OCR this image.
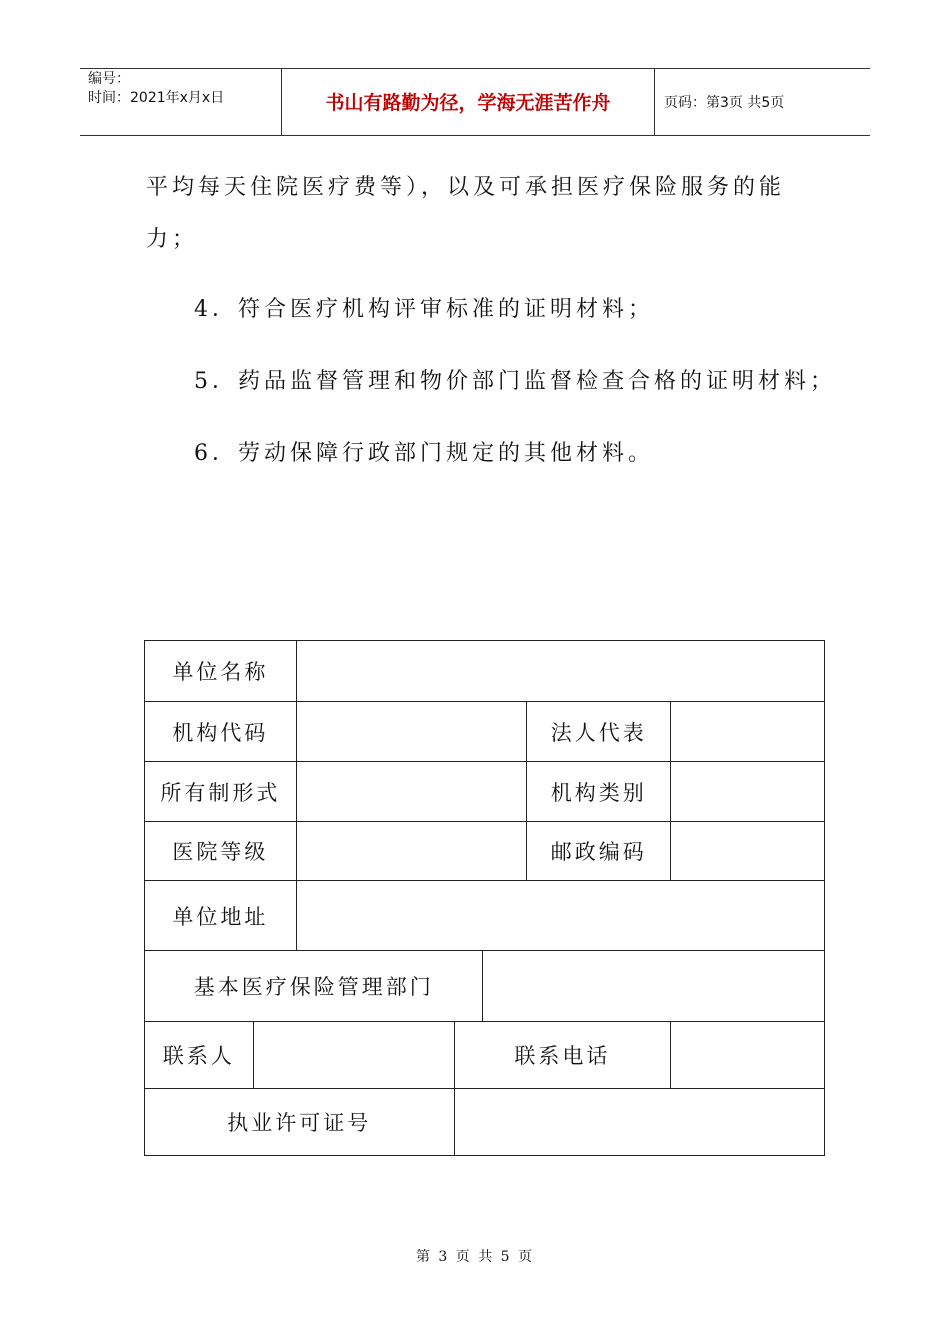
编号：
时间：2021年x月x日	书山有路勤为径，学海无涯苦作舟	页码：第3页 共5页
平均每天住院医疗费等），以及可承担医疗保险服务的能
力；
4．符合医疗机构评审标准的证明材料；
5．药品监督管理和物价部门监督检查合格的证明材料；
6．劳动保障行政部门规定的其他材料。
单位名称						
机构代码					法人代表	
所有制形式					机构类别	
医院等级					邮政编码	
单位地址						
基本医疗保险管理部门						
联系人			联系电话			
执业许可证号						
第 3 页 共 5 页
